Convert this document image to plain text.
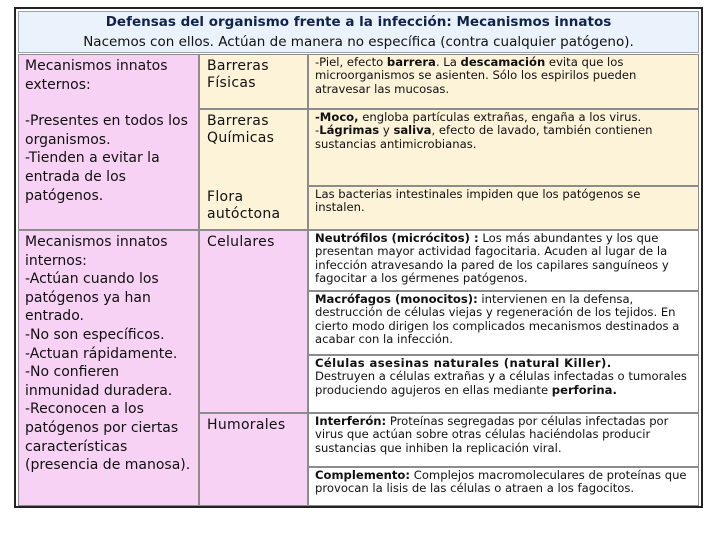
Defensas del organismo frente a la infección: Mecanismos innatos
Nacemos con ellos. Actúan de manera no específica (contra cualquier patógeno).
Mecanismos innatos externos:
-Presentes en todos los organismos.
-Tienden a evitar la entrada de los patógenos.
Mecanismos innatos internos:
-Actúan cuando los patógenos ya han entrado.
-No son específicos.
-Actuan rápidamente.
-No confieren inmunidad duradera.
-Reconocen a los patógenos por ciertas características (presencia de manosa).
Barreras Físicas
Barreras Químicas
Flora autóctona
Celulares
Humorales
-Piel, efecto barrera. La descamación evita que los microorganismos se asienten. Sólo los espirilos pueden atravesar las mucosas.
-Moco, engloba partículas extrañas, engaña a los virus.
-Lágrimas y saliva, efecto de lavado, también contienen sustancias antimicrobianas.
Las bacterias intestinales impiden que los patógenos se instalen.
Neutrófilos (micrócitos) : Los más abundantes y los que presentan mayor actividad fagocitaria. Acuden al lugar de la infección atravesando la pared de los capilares sanguíneos y fagocitar a los gérmenes patógenos.
Macrófagos (monocitos): intervienen en la defensa, destrucción de células viejas y regeneración de los tejidos. En cierto modo dirigen los complicados mecanismos destinados a acabar con la infección.
Células asesinas naturales (natural Killer).
Destruyen a células extrañas y a células infectadas o tumorales produciendo agujeros en ellas mediante perforina.
Interferón: Proteínas segregadas por células infectadas por virus que actúan sobre otras células haciéndolas producir sustancias que inhiben la replicación viral.
Complemento: Complejos macromoleculares de proteínas que provocan la lisis de las células o atraen a los fagocitos.
